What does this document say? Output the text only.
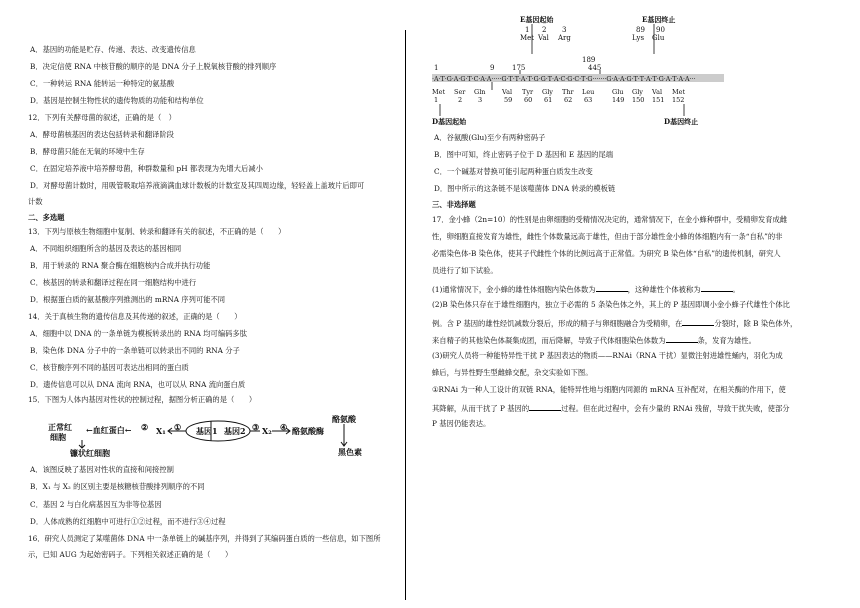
A．基因的功能是贮存、传递、表达、改变遗传信息
B．决定信使 RNA 中核苷酸的顺序的是 DNA 分子上脱氧核苷酸的排列顺序
C．一种转运 RNA 能转运一种特定的氨基酸
D．基因是控制生物性状的遗传物质的功能和结构单位
12．下列有关酵母菌的叙述，正确的是（　）
A．酵母菌核基因的表达包括转录和翻译阶段
B．酵母菌只能在无氧的环境中生存
C．在固定培养液中培养酵母菌，种群数量和 pH 都表现为先增大后减小
D．对酵母菌计数时，用吸管吸取培养液滴满血球计数板的计数室及其四周边缘，轻轻盖上盖玻片后即可
计数
二、多选题
13．下列与原核生物细胞中复制、转录和翻译有关的叙述，不正确的是（　　）
A．不同组织细胞所含的基因及表达的基因相同
B．用于转录的 RNA 聚合酶在细胞核内合成并执行功能
C．核基因的转录和翻译过程在同一细胞结构中进行
D．根据蛋白质的氨基酸序列推测出的 mRNA 序列可能不同
14．关于真核生物的遗传信息及其传递的叙述，正确的是（　　）
A．细胞中以 DNA 的一条单链为模板转录出的 RNA 均可编码多肽
B．染色体 DNA 分子中的一条单链可以转录出不同的 RNA 分子
C．核苷酸序列不同的基因可表达出相同的蛋白质
D．遗传信息可以从 DNA 流向 RNA，也可以从 RNA 流向蛋白质
15．下图为人体内基因对性状的控制过程，据图分析正确的是（　　）
正常红
细胞
←血红蛋白← ② X₁ ① 基因1 基因2 ③ X₂ ④ 酪氨酸酶
酪氨酸
黑色素
镰状红细胞
A．该图反映了基因对性状的直接和间接控制
B．X₁ 与 X₂ 的区别主要是核糖核苷酸排列顺序的不同
C．基因 2 与白化病基因互为非等位基因
D．人体成熟的红细胞中可进行①②过程，而不进行③④过程
16．研究人员测定了某噬菌体 DNA 中一条单链上的碱基序列，并得到了其编码蛋白质的一些信息，如下图所
示，已知 AUG 为起始密码子。下列相关叙述正确的是（　　）
E基因起始	E基因终止
Met Val Arg	Lys Glu
1 2 3	89 90
1	9	175
189
445
·A·T·G·A·G·T·C·A·A·····G·T·T·A·T·G·G·T·A·C·G·C·T·G·······G·A·A·G·T·T·A·T·G·A·T·A·A···
Met Ser Gln	Val Tyr Gly Thr Leu	Glu Gly Val Met
1	2 3	59 60 61 62 63	149 150 151 152
D基因起始	D基因终止
A．谷氨酸(Glu)至少有两种密码子
B．图中可知，终止密码子位于 D 基因和 E 基因的尾端
C．一个碱基对替换可能引起两种蛋白质发生改变
D．图中所示的这条链不是该噬菌体 DNA 转录的模板链
三、非选择题
17．金小蜂（2n=10）的性别是由卵细胞的受精情况决定的，通常情况下，在金小蜂种群中，受精卵发育成雌
性，卵细胞直接发育为雄性，雌性个体数量远高于雄性，但由于部分雄性金小蜂的体细胞内有一条“自私”的非
必需染色体-B 染色体，使其子代雌性个体的比例远高于正常值。为研究 B 染色体“自私”的遗传机制，研究人
员进行了如下试验。
(1)通常情况下，金小蜂的雄性体细胞内染色体数为	，这种雄性个体被称为	。
(2)B 染色体只存在于雄性细胞内，独立于必需的 5 条染色体之外，其上的 P 基因即调小金小蜂子代雄性个体比
例。含 P 基因的雄性经饥减数分裂后，形成的精子与卵细胞融合为受精卵，在	分裂时，除 B 染色体外，
来自精子的其他染色体凝集成团，而后降解，导致子代体细胞染色体数为	条，发育为雄性。
(3)研究人员将一种能特异性干扰 P 基因表达的物质——RNAi（RNA 干扰）显微注射进雄性蛹内，羽化为成
蜂后，与异性野生型雌蜂交配，杂交实验如下图。
①RNAi 为一种人工设计的双链 RNA，能特异性地与细胞内同源的 mRNA 互补配对，在相关酶的作用下，使
其降解，从而干扰了 P 基因的	过程。但在此过程中，会有少量的 RNAi 残留，导致干扰失败，使部分
P 基因仍能表达。
